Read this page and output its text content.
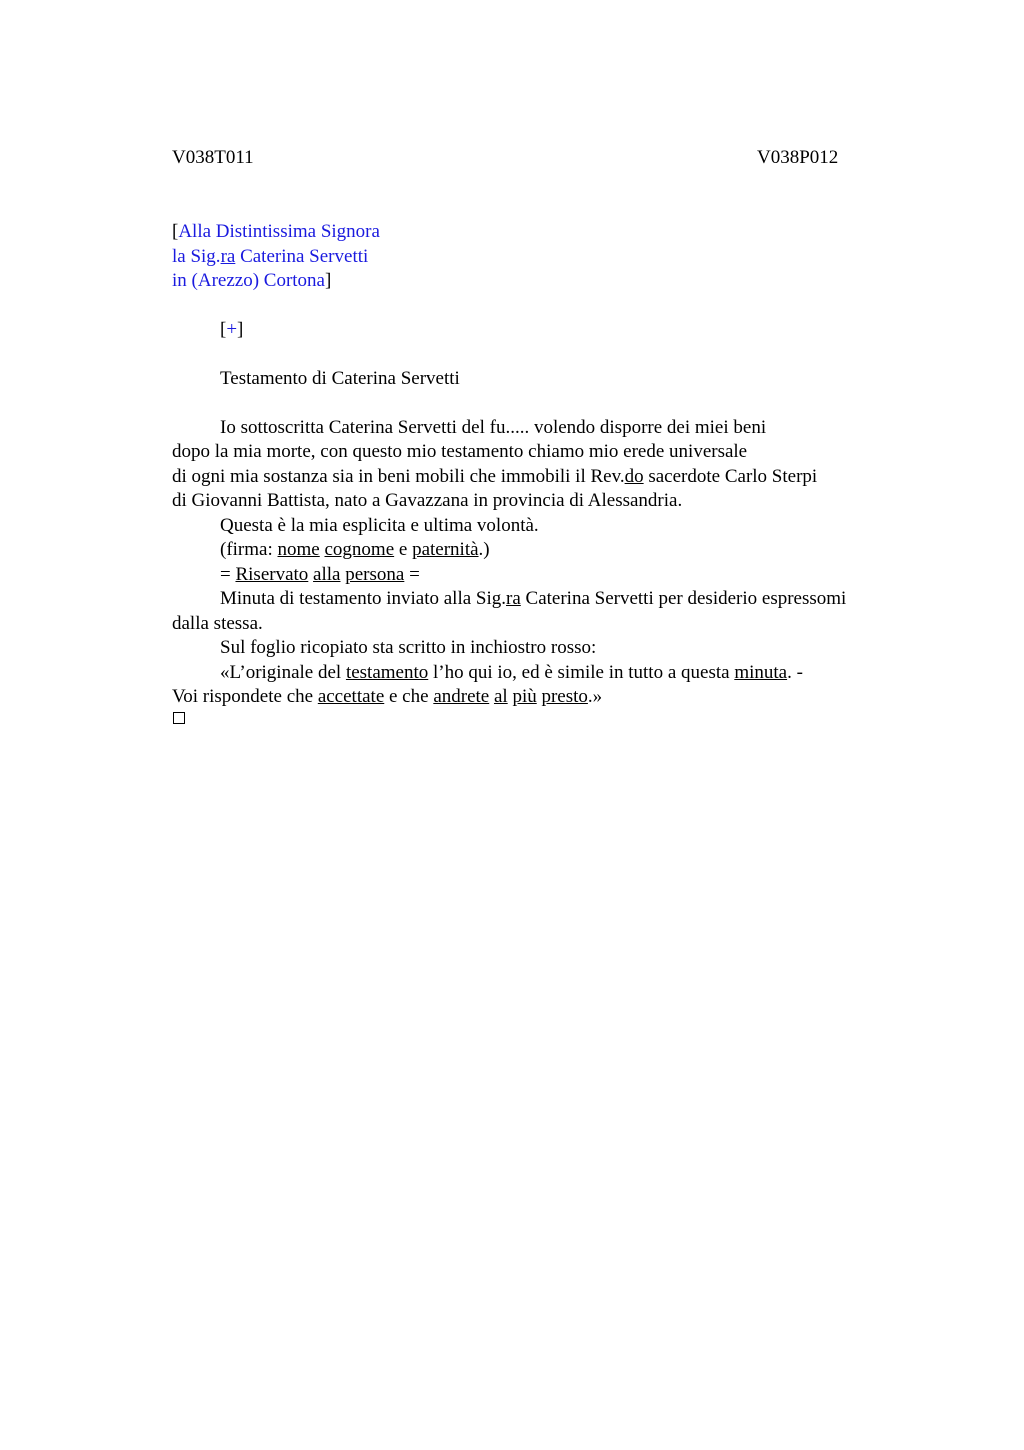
V038T011	V038P012
[Alla Distintissima Signora
la Sig.ra Caterina Servetti
in (Arezzo) Cortona]
[+]
Testamento di Caterina Servetti
Io sottoscritta Caterina Servetti del fu..... volendo disporre dei miei beni
dopo la mia morte, con questo mio testamento chiamo mio erede universale
di ogni mia sostanza sia in beni mobili che immobili il Rev.do sacerdote Carlo Sterpi
di Giovanni Battista, nato a Gavazzana in provincia di Alessandria.
Questa è la mia esplicita e ultima volontà.
(firma: nome cognome e paternità.)
= Riservato alla persona =
Minuta di testamento inviato alla Sig.ra Caterina Servetti per desiderio espressomi
dalla stessa.
Sul foglio ricopiato sta scritto in inchiostro rosso:
«L’originale del testamento l’ho qui io, ed è simile in tutto a questa minuta. -
Voi rispondete che accettate e che andrete al più presto.»
